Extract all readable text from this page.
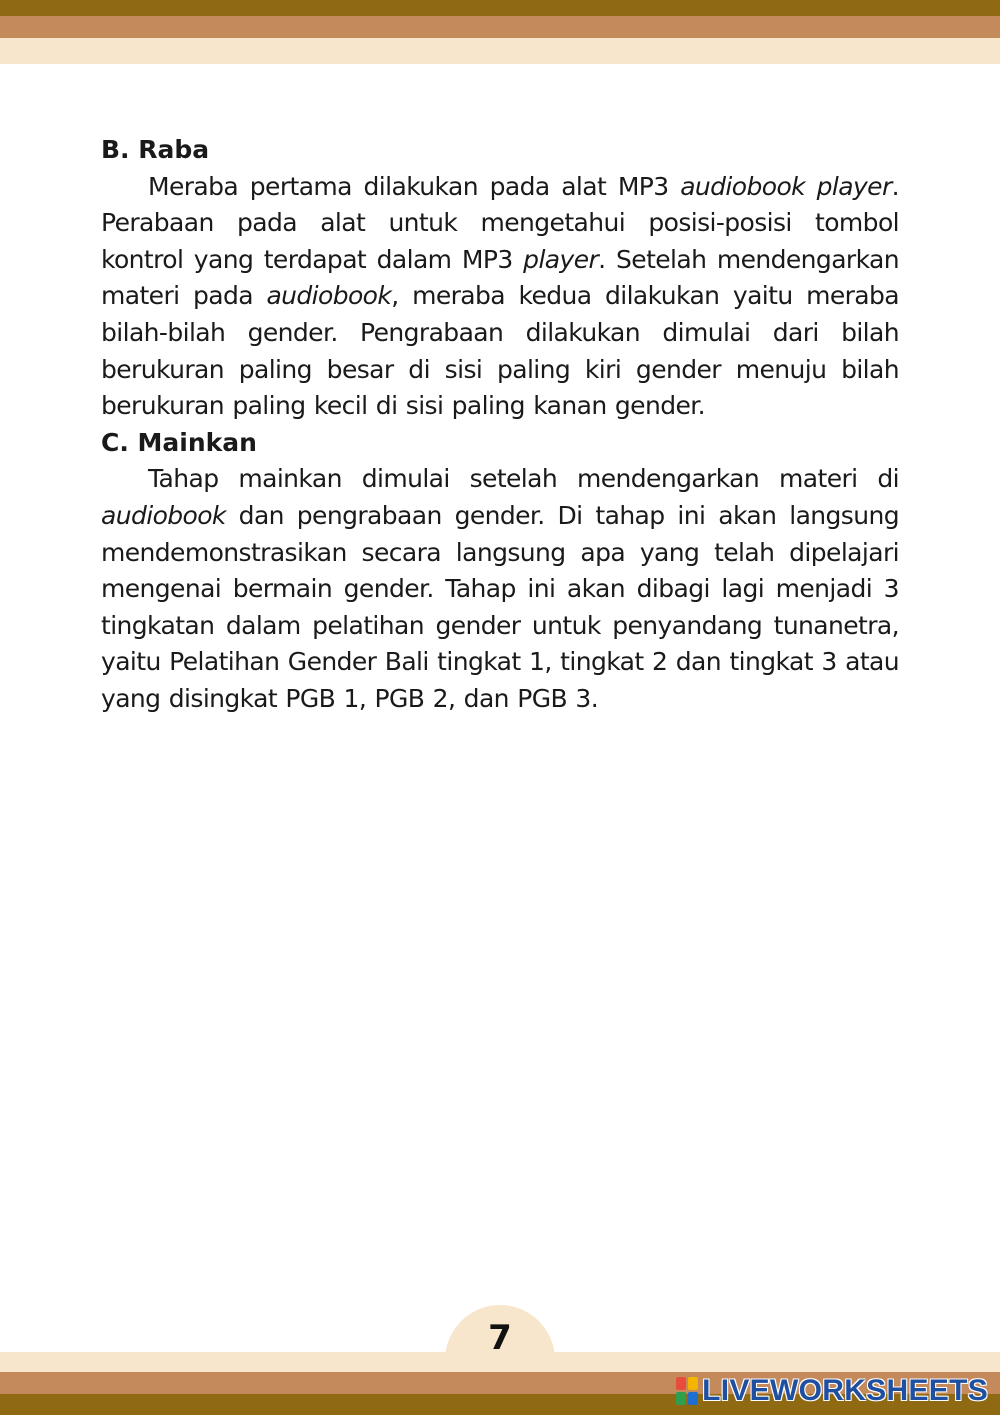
B. Raba

Meraba pertama dilakukan pada alat MP3 audiobook player. Perabaan pada alat untuk mengetahui posisi-posisi tombol kontrol yang terdapat dalam MP3 player. Setelah mendengarkan materi pada audiobook, meraba kedua dilakukan yaitu meraba bilah-bilah gender. Pengrabaan dilakukan dimulai dari bilah berukuran paling besar di sisi paling kiri gender menuju bilah berukuran paling kecil di sisi paling kanan gender.

C. Mainkan

Tahap mainkan dimulai setelah mendengarkan materi di audiobook dan pengrabaan gender. Di tahap ini akan langsung mendemonstrasikan secara langsung apa yang telah dipelajari mengenai bermain gender. Tahap ini akan dibagi lagi menjadi 3 tingkatan dalam pelatihan gender untuk penyandang tunanetra, yaitu Pelatihan Gender Bali tingkat 1, tingkat 2 dan tingkat 3 atau yang disingkat PGB 1, PGB 2, dan PGB 3.

7
LIVEWORKSHEETS
